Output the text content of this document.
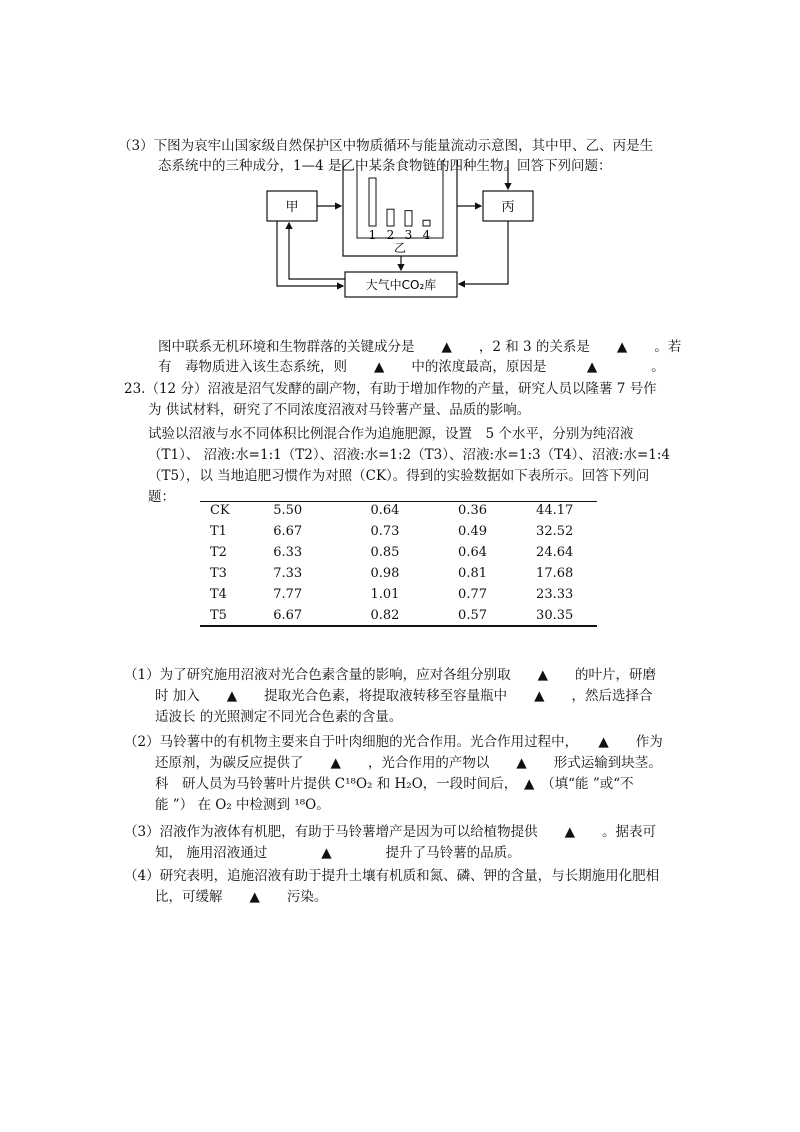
（3）下图为哀牢山国家级自然保护区中物质循环与能量流动示意图，其中甲、乙、丙是生
态系统中的三种成分，1—4 是乙中某条食物链的四种生物。回答下列问题：
甲	丙
大气中CO₂库
1 2 3 4
乙
图中联系无机环境和生物群落的关键成分是　　▲　　，2 和 3 的关系是　　▲　　。若
有　毒物质进入该生态系统，则　　▲　　中的浓度最高，原因是　　　▲　　　　。
23.（12 分）沼液是沼气发酵的副产物，有助于增加作物的产量，研究人员以隆薯 7 号作
为 供试材料，研究了不同浓度沼液对马铃薯产量、品质的影响。
试验以沼液与水不同体积比例混合作为追施肥源，设置　5 个水平，分别为纯沼液
（T1）、 沼液:水=1:1（T2）、沼液:水=1:2（T3）、沼液:水=1:3（T4）、沼液:水=1:4
（T5），以 当地追肥习惯作为对照（CK）。得到的实验数据如下表所示。回答下列问
题：
CK	5.50	0.64	0.36	44.17
T1	6.67	0.73	0.49	32.52
T2	6.33	0.85	0.64	24.64
T3	7.33	0.98	0.81	17.68
T4	7.77	1.01	0.77	23.33
T5	6.67	0.82	0.57	30.35
（1）为了研究施用沼液对光合色素含量的影响，应对各组分别取　　▲　　的叶片，研磨
时 加入　　▲　　提取光合色素，将提取液转移至容量瓶中　　▲　　，然后选择合
适波长 的光照测定不同光合色素的含量。
（2）马铃薯中的有机物主要来自于叶肉细胞的光合作用。光合作用过程中，　　▲　　作为
还原剂，为碳反应提供了　　▲　　，光合作用的产物以　　▲　　形式运输到块茎。
科　研人员为马铃薯叶片提供 C¹⁸O₂ 和 H₂O，一段时间后，　▲　（填“能 ”或“不
能 ”） 在 O₂ 中检测到 ¹⁸O。
（3）沼液作为液体有机肥，有助于马铃薯增产是因为可以给植物提供　　▲　　。据表可
知， 施用沼液通过　　　　▲　　　　提升了马铃薯的品质。
（4）研究表明，追施沼液有助于提升土壤有机质和氮、磷、钾的含量，与长期施用化肥相
比，可缓解　　▲　　污染。
